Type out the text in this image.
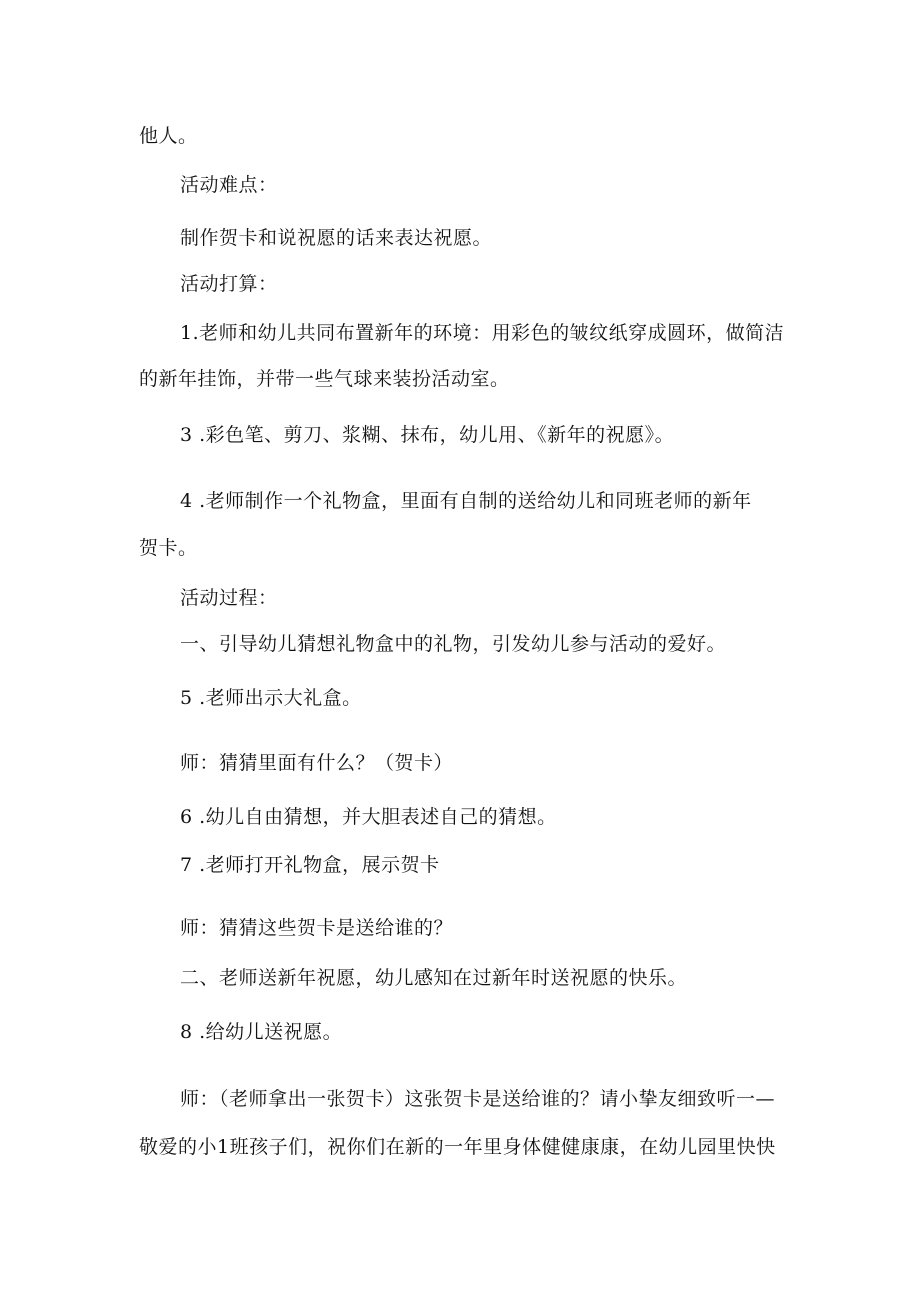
他人。
活动难点：
制作贺卡和说祝愿的话来表达祝愿。
活动打算：
1.老师和幼儿共同布置新年的环境：用彩色的皱纹纸穿成圆环，做简洁
的新年挂饰，并带一些气球来装扮活动室。
3 .彩色笔、剪刀、浆糊、抹布，幼儿用、《新年的祝愿》。
4 .老师制作一个礼物盒，里面有自制的送给幼儿和同班老师的新年
贺卡。
活动过程：
一、引导幼儿猜想礼物盒中的礼物，引发幼儿参与活动的爱好。
5 .老师出示大礼盒。
师：猜猜里面有什么？（贺卡）
6 .幼儿自由猜想，并大胆表述自己的猜想。
7 .老师打开礼物盒，展示贺卡
师：猜猜这些贺卡是送给谁的？
二、老师送新年祝愿，幼儿感知在过新年时送祝愿的快乐。
8 .给幼儿送祝愿。
师：（老师拿出一张贺卡）这张贺卡是送给谁的？请小挚友细致听一—
敬爱的小1班孩子们，祝你们在新的一年里身体健健康康，在幼儿园里快快
